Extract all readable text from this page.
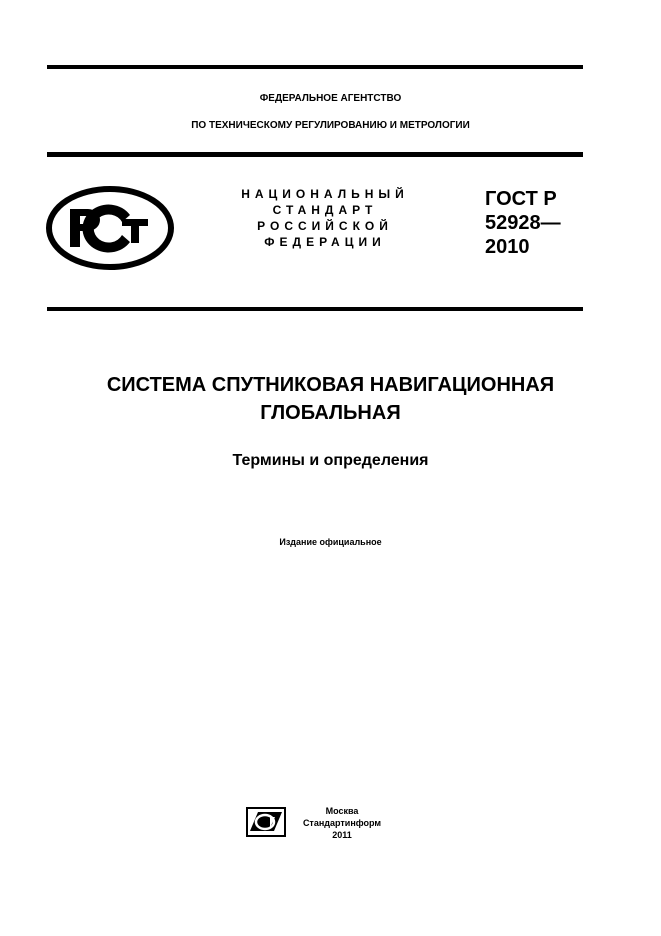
ФЕДЕРАЛЬНОЕ АГЕНТСТВО
ПО ТЕХНИЧЕСКОМУ РЕГУЛИРОВАНИЮ И МЕТРОЛОГИИ
НАЦИОНАЛЬНЫЙ
СТАНДАРТ
РОССИЙСКОЙ
ФЕДЕРАЦИИ
ГОСТ Р
52928—
2010
СИСТЕМА СПУТНИКОВАЯ НАВИГАЦИОННАЯ
ГЛОБАЛЬНАЯ
Термины и определения
Издание официальное
Москва
Стандартинформ
2011
